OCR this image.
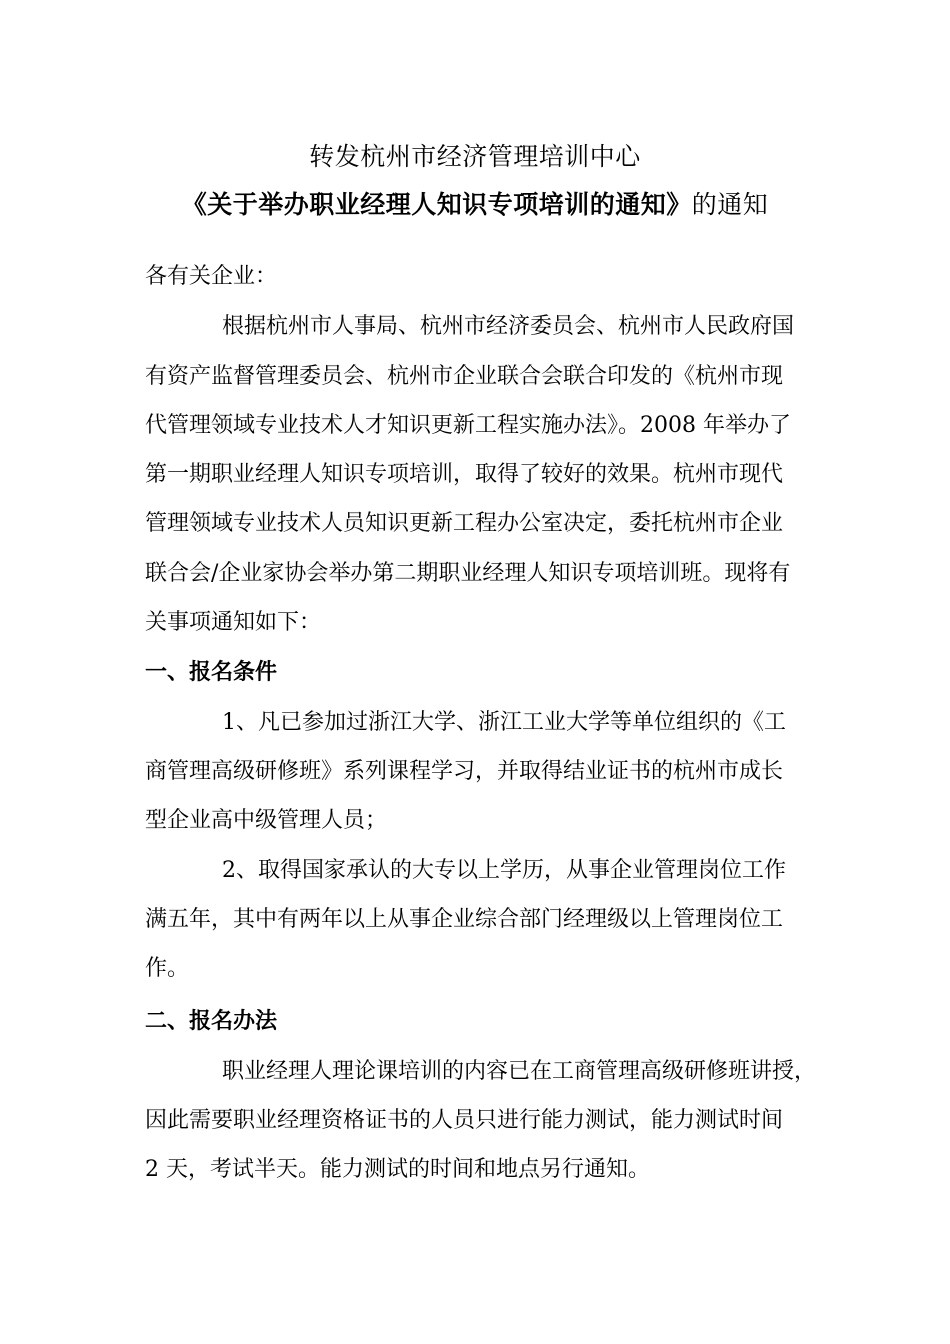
转发杭州市经济管理培训中心
《关于举办职业经理人知识专项培训的通知》的通知
各有关企业：
根据杭州市人事局、杭州市经济委员会、杭州市人民政府国
有资产监督管理委员会、杭州市企业联合会联合印发的《杭州市现
代管理领域专业技术人才知识更新工程实施办法》。2008 年举办了
第一期职业经理人知识专项培训，取得了较好的效果。杭州市现代
管理领域专业技术人员知识更新工程办公室决定，委托杭州市企业
联合会/企业家协会举办第二期职业经理人知识专项培训班。现将有
关事项通知如下：
一、报名条件
1、凡已参加过浙江大学、浙江工业大学等单位组织的《工
商管理高级研修班》系列课程学习，并取得结业证书的杭州市成长
型企业高中级管理人员；
2、取得国家承认的大专以上学历，从事企业管理岗位工作
满五年，其中有两年以上从事企业综合部门经理级以上管理岗位工
作。
二、报名办法
职业经理人理论课培训的内容已在工商管理高级研修班讲授，
因此需要职业经理资格证书的人员只进行能力测试，能力测试时间
2 天，考试半天。能力测试的时间和地点另行通知。
